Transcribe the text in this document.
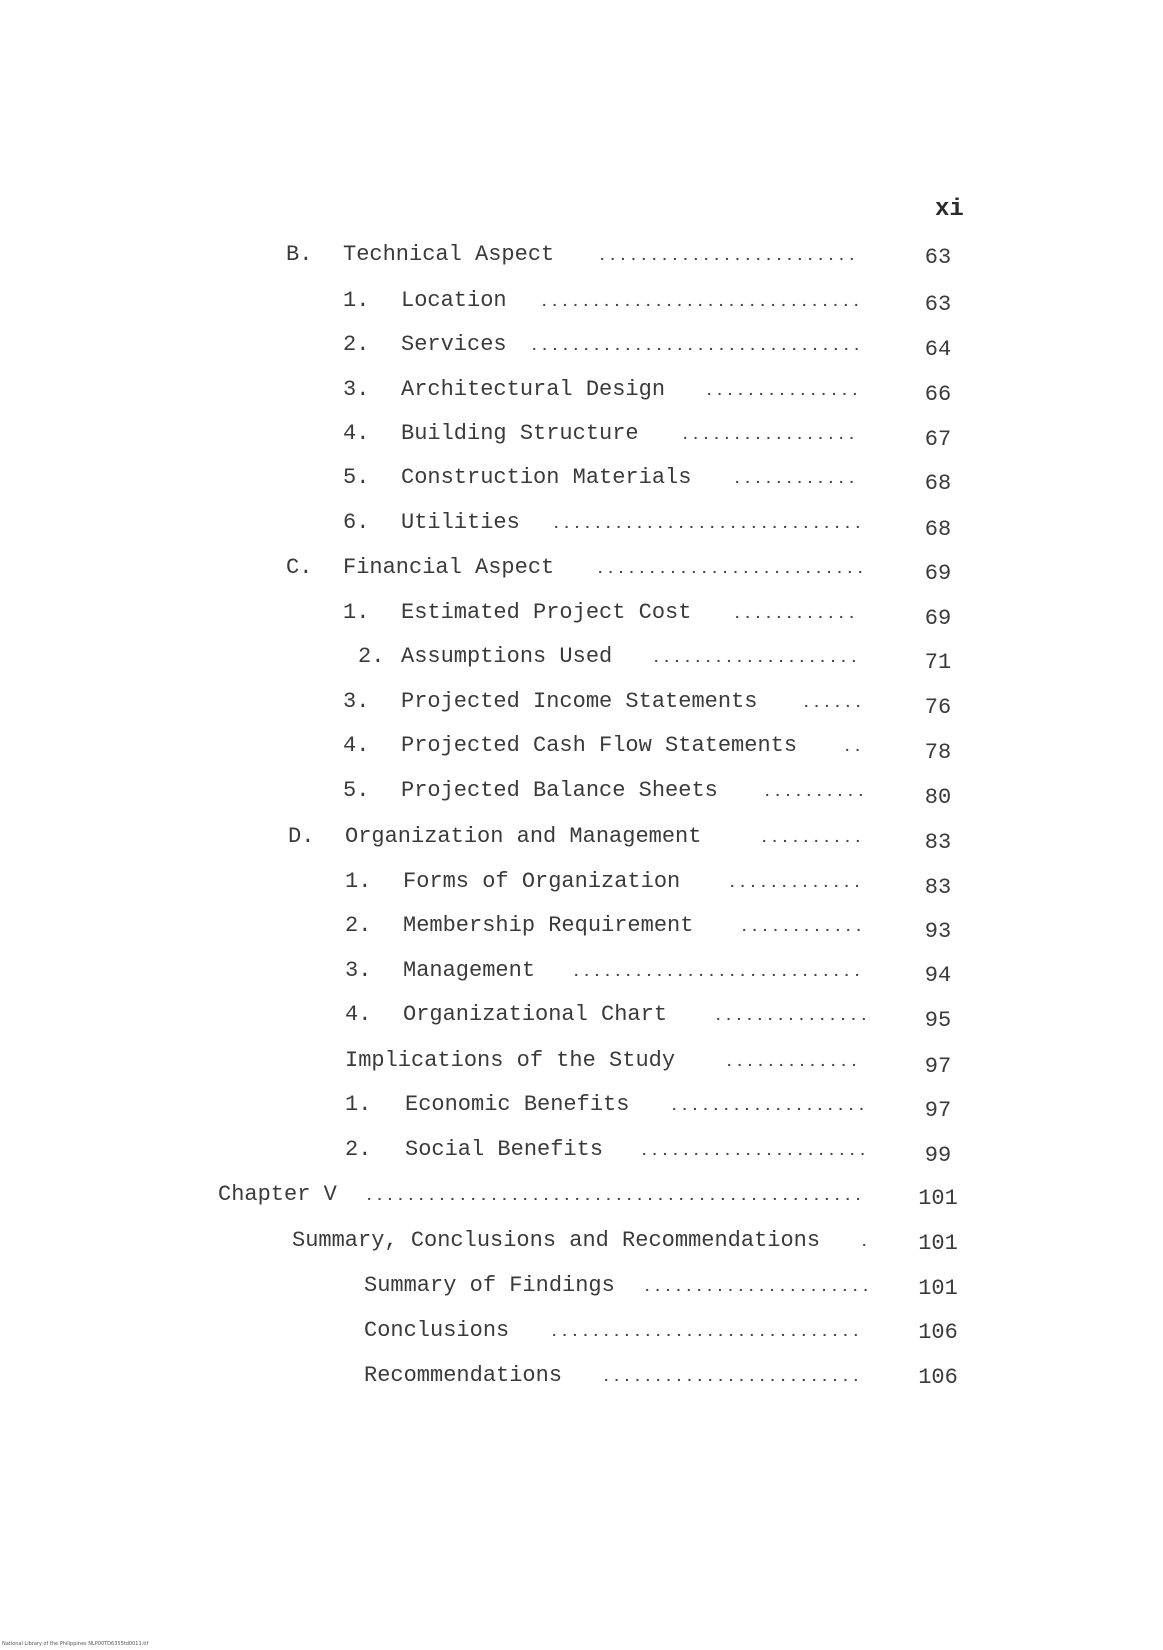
xi
B. Technical Aspect	.........................	63
1. Location ...............................	63
2. Services ................................	64
3. Architectural Design	...............	66
4. Building Structure	.................	67
5. Construction Materials	............	68
6. Utilities ..............................	68
C. Financial Aspect	..........................	69
1. Estimated Project Cost	............	69
2. Assumptions Used	....................	71
3. Projected Income Statements	......	76
4. Projected Cash Flow Statements	..	78
5. Projected Balance Sheets	..........	80
D. Organization and Management	..........	83
1. Forms of Organization	.............	83
2. Membership Requirement	............	93
3. Management	............................	94
4. Organizational Chart	...............	95
Implications of the Study	.............	97
1. Economic Benefits	...................	97
2. Social Benefits	......................	99
Chapter V ................................................	101
Summary, Conclusions and Recommendations	.	101
Summary of Findings ......................	101
Conclusions	..............................	106
Recommendations	.........................	106
National Library of the Philippines NLP00TD6355td0011.tif
